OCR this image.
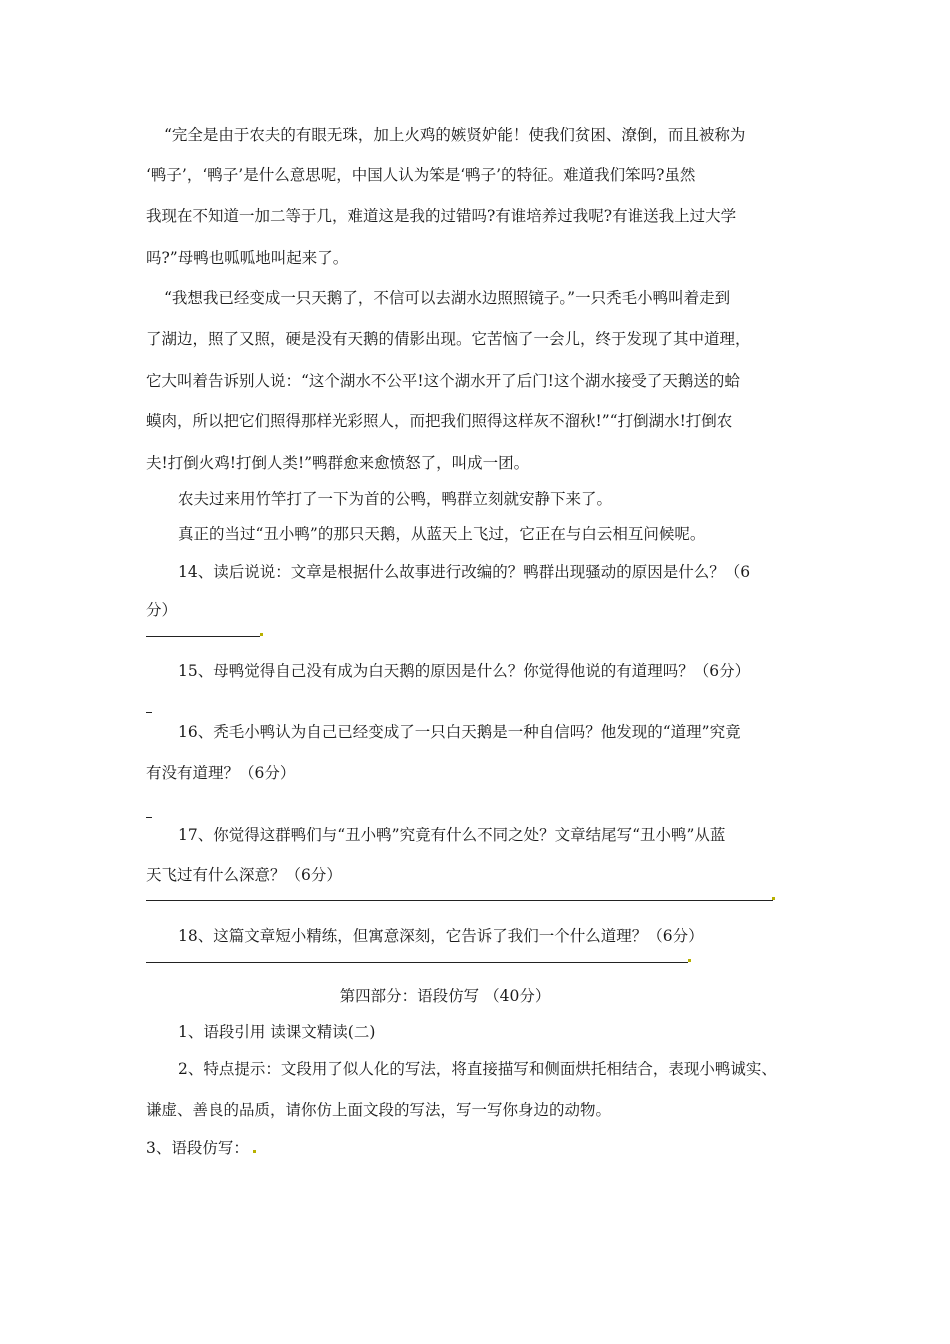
“完全是由于农夫的有眼无珠，加上火鸡的嫉贤妒能！使我们贫困、潦倒，而且被称为
‘鸭子’，‘鸭子’是什么意思呢，中国人认为笨是‘鸭子’的特征。难道我们笨吗?虽然
我现在不知道一加二等于几，难道这是我的过错吗?有谁培养过我呢?有谁送我上过大学
吗?”母鸭也呱呱地叫起来了。
“我想我已经变成一只天鹅了，不信可以去湖水边照照镜子。”一只秃毛小鸭叫着走到
了湖边，照了又照，硬是没有天鹅的倩影出现。它苦恼了一会儿，终于发现了其中道理，
它大叫着告诉别人说：“这个湖水不公平!这个湖水开了后门!这个湖水接受了天鹅送的蛤
蟆肉，所以把它们照得那样光彩照人，而把我们照得这样灰不溜秋!”“打倒湖水!打倒农
夫!打倒火鸡!打倒人类!”鸭群愈来愈愤怒了，叫成一团。
农夫过来用竹竿打了一下为首的公鸭，鸭群立刻就安静下来了。
真正的当过“丑小鸭”的那只天鹅，从蓝天上飞过，它正在与白云相互问候呢。
14、读后说说：文章是根据什么故事进行改编的？鸭群出现骚动的原因是什么？（6
分）
15、母鸭觉得自己没有成为白天鹅的原因是什么？你觉得他说的有道理吗？（6分）
16、秃毛小鸭认为自己已经变成了一只白天鹅是一种自信吗？他发现的“道理”究竟
有没有道理？（6分）
17、你觉得这群鸭们与“丑小鸭”究竟有什么不同之处？文章结尾写“丑小鸭”从蓝
天飞过有什么深意？（6分）
18、这篇文章短小精练，但寓意深刻，它告诉了我们一个什么道理？（6分）
第四部分：语段仿写 （40分）
1、语段引用 读课文精读(二)
2、特点提示：文段用了似人化的写法，将直接描写和侧面烘托相结合，表现小鸭诚实、
谦虚、善良的品质，请你仿上面文段的写法，写一写你身边的动物。
3、语段仿写：
